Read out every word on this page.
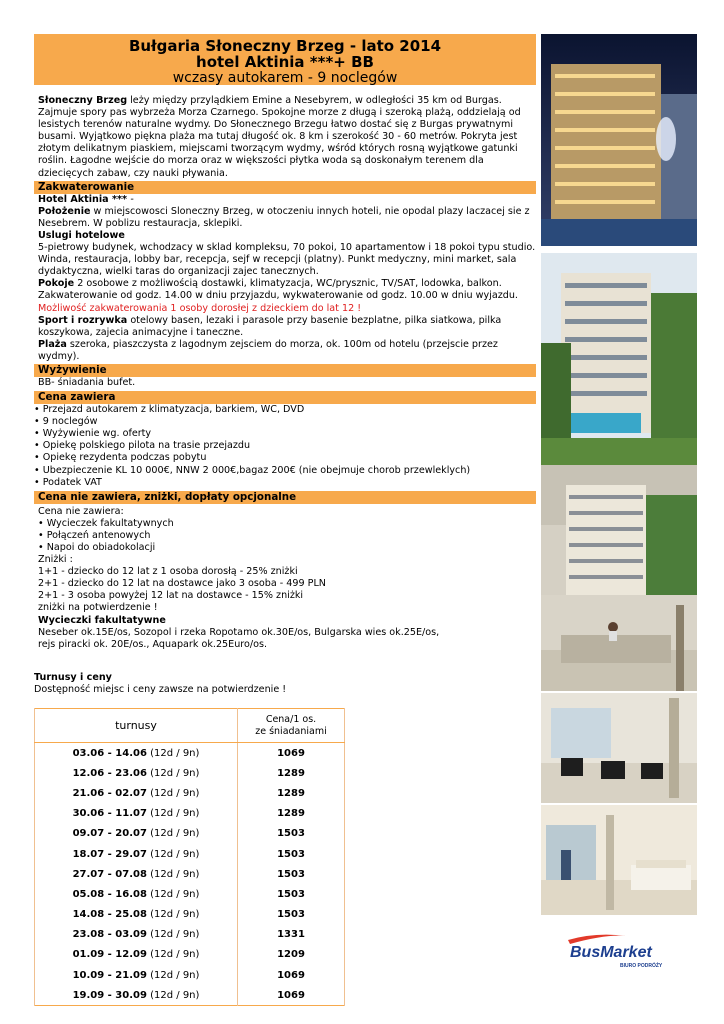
Bułgaria Słoneczny Brzeg - lato 2014
hotel Aktinia ***+ BB
wczasy autokarem - 9 noclegów
Słoneczny Brzeg leży między przylądkiem Emine a Nesebyrem, w odległości 35 km od Burgas. Zajmuje spory pas wybrzeża Morza Czarnego. Spokojne morze z długą i szeroką plażą, oddzielają od lesistych terenów naturalne wydmy. Do Słonecznego Brzegu łatwo dostać się z Burgas prywatnymi busami. Wyjątkowo piękna plaża ma tutaj długość ok. 8 km i szerokość 30 - 60 metrów. Pokryta jest złotym delikatnym piaskiem, miejscami tworzącym wydmy, wśród których rosną wyjątkowe gatunki roślin. Łagodne wejście do morza oraz w większości płytka woda są doskonałym terenem dla dziecięcych zabaw, czy nauki pływania.
Zakwaterowanie
Hotel Aktinia *** -
Położenie w miejscowosci Sloneczny Brzeg, w otoczeniu innych hoteli, nie opodal plazy laczacej sie z Nesebrem. W poblizu restauracja, sklepiki.
Uslugi hotelowe
5-pietrowy budynek, wchodzacy w sklad kompleksu, 70 pokoi, 10 apartamentow i 18 pokoi typu studio. Winda, restauracja, lobby bar, recepcja, sejf w recepcji (platny). Punkt medyczny, mini market, sala dydaktyczna, wielki taras do organizacji zajec tanecznych.
Pokoje 2 osobowe z możliwością dostawki, klimatyzacja, WC/prysznic, TV/SAT, lodowka, balkon. Zakwaterowanie od godz. 14.00 w dniu przyjazdu, wykwaterowanie od godz. 10.00 w dniu wyjazdu.
Możliwość zakwaterowania 1 osoby dorosłej z dzieckiem do lat 12 !
Sport i rozrywka otelowy basen, lezaki i parasole przy basenie bezplatne, pilka siatkowa, pilka koszykowa, zajecia animacyjne i taneczne.
Plaża szeroka, piaszczysta z lagodnym zejsciem do morza, ok. 100m od hotelu (przejscie przez wydmy).
Wyżywienie
BB- śniadania bufet.
Cena zawiera
• Przejazd autokarem z klimatyzacja, barkiem, WC, DVD
• 9 noclegów
• Wyżywienie wg. oferty
• Opiekę polskiego pilota na trasie przejazdu
• Opiekę rezydenta podczas pobytu
• Ubezpieczenie KL 10 000€, NNW 2 000€,bagaz 200€ (nie obejmuje chorob przewleklych)
• Podatek VAT
Cena nie zawiera, zniżki, dopłaty opcjonalne
Cena nie zawiera:
• Wycieczek fakultatywnych
• Połączeń antenowych
• Napoi do obiadokolacji
Zniżki :
1+1 - dziecko do 12 lat z 1 osoba dorosłą - 25% zniżki
2+1 - dziecko do 12 lat na dostawce jako 3 osoba - 499 PLN
2+1 - 3 osoba powyżej 12 lat na dostawce - 15% zniżki
zniżki na potwierdzenie !
Wycieczki fakultatywne
Neseber ok.15E/os, Sozopol i rzeka Ropotamo ok.30E/os, Bulgarska wies ok.25E/os,
rejs piracki ok. 20E/os., Aquapark ok.25Euro/os.
Turnusy i ceny
Dostępność miejsc i ceny zawsze na potwierdzenie !
turnusy	Cena/1 os.
ze śniadaniami

03.06 - 14.06 (12d / 9n)	1069
12.06 - 23.06 (12d / 9n)	1289
21.06 - 02.07 (12d / 9n)	1289
30.06 - 11.07 (12d / 9n)	1289
09.07 - 20.07 (12d / 9n)	1503
18.07 - 29.07 (12d / 9n)	1503
27.07 - 07.08 (12d / 9n)	1503
05.08 - 16.08 (12d / 9n)	1503
14.08 - 25.08 (12d / 9n)	1503
23.08 - 03.09 (12d / 9n)	1331
01.09 - 12.09 (12d / 9n)	1209
10.09 - 21.09 (12d / 9n)	1069
19.09 - 30.09 (12d / 9n)	1069
BusMarket
BIURO PODRÓŻY
